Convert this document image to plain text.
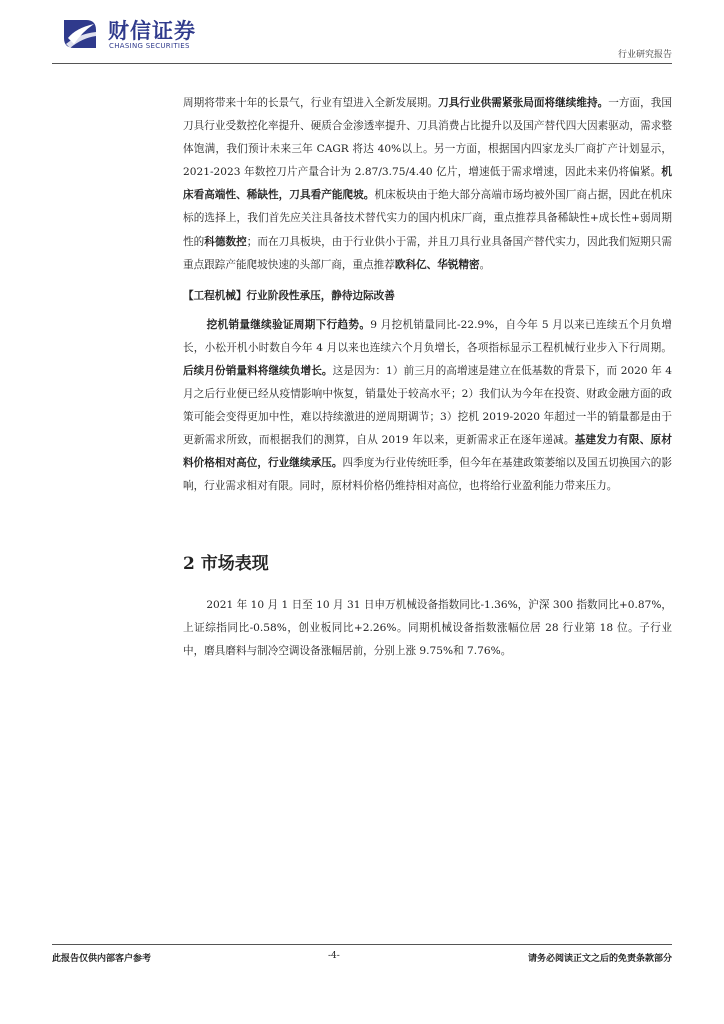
财信证券
CHASING SECURITIES
行业研究报告

周期将带来十年的长景气，行业有望进入全新发展期。刀具行业供需紧张局面将继续维持。一方面，我国刀具行业受数控化率提升、硬质合金渗透率提升、刀具消费占比提升以及国产替代四大因素驱动，需求整体饱满，我们预计未来三年 CAGR 将达 40%以上。另一方面，根据国内四家龙头厂商扩产计划显示，2021-2023 年数控刀片产量合计为 2.87/3.75/4.40 亿片，增速低于需求增速，因此未来仍将偏紧。机床看高端性、稀缺性，刀具看产能爬坡。机床板块由于绝大部分高端市场均被外国厂商占据，因此在机床标的选择上，我们首先应关注具备技术替代实力的国内机床厂商，重点推荐具备稀缺性+成长性+弱周期性的科德数控；而在刀具板块，由于行业供小于需，并且刀具行业具备国产替代实力，因此我们短期只需重点跟踪产能爬坡快速的头部厂商，重点推荐欧科亿、华锐精密。

【工程机械】行业阶段性承压，静待边际改善

挖机销量继续验证周期下行趋势。9 月挖机销量同比-22.9%，自今年 5 月以来已连续五个月负增长，小松开机小时数自今年 4 月以来也连续六个月负增长，各项指标显示工程机械行业步入下行周期。后续月份销量料将继续负增长。这是因为：1）前三月的高增速是建立在低基数的背景下，而 2020 年 4 月之后行业便已经从疫情影响中恢复，销量处于较高水平；2）我们认为今年在投资、财政金融方面的政策可能会变得更加中性，难以持续激进的逆周期调节；3）挖机 2019-2020 年超过一半的销量都是由于更新需求所致，而根据我们的测算，自从 2019 年以来，更新需求正在逐年递减。基建发力有限、原材料价格相对高位，行业继续承压。四季度为行业传统旺季，但今年在基建政策萎缩以及国五切换国六的影响，行业需求相对有限。同时，原材料价格仍维持相对高位，也将给行业盈利能力带来压力。

2 市场表现

2021 年 10 月 1 日至 10 月 31 日申万机械设备指数同比-1.36%，沪深 300 指数同比+0.87%，上证综指同比-0.58%，创业板同比+2.26%。同期机械设备指数涨幅位居 28 行业第 18 位。子行业中，磨具磨料与制冷空调设备涨幅居前，分别上涨 9.75%和 7.76%。

此报告仅供内部客户参考	-4-	请务必阅读正文之后的免责条款部分
